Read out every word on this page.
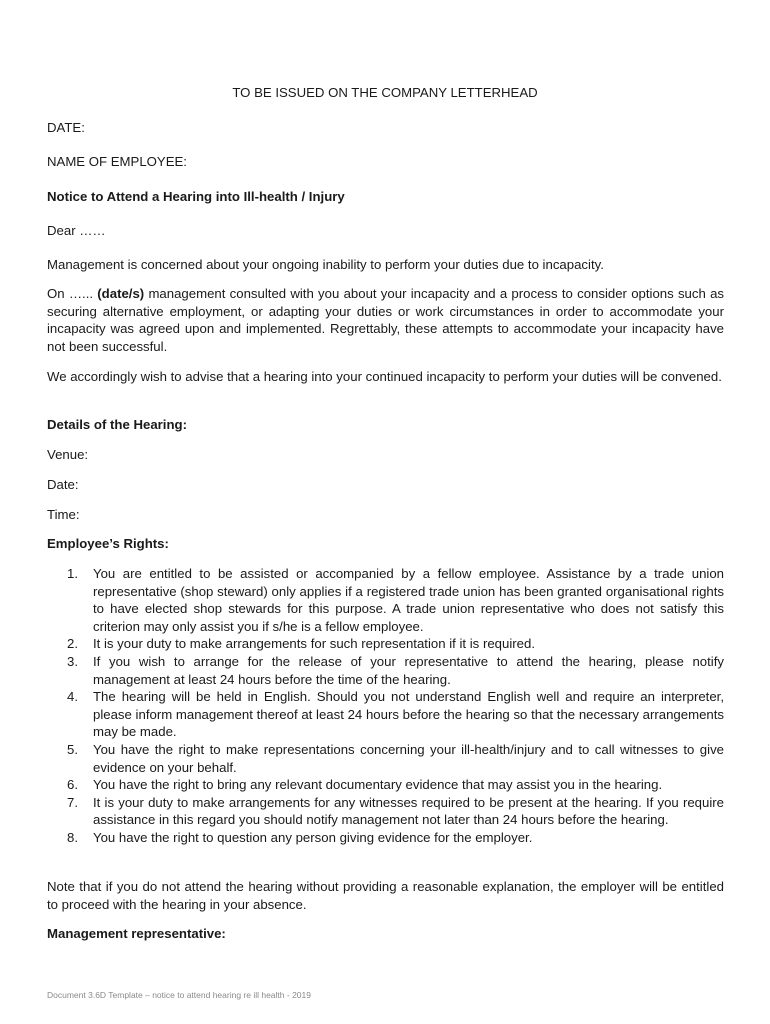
TO BE ISSUED ON THE COMPANY LETTERHEAD

DATE:

NAME OF EMPLOYEE:

Notice to Attend a Hearing into Ill-health / Injury

Dear ……

Management is concerned about your ongoing inability to perform your duties due to incapacity.

On …... (date/s) management consulted with you about your incapacity and a process to consider options such as securing alternative employment, or adapting your duties or work circumstances in order to accommodate your incapacity was agreed upon and implemented. Regrettably, these attempts to accommodate your incapacity have not been successful.

We accordingly wish to advise that a hearing into your continued incapacity to perform your duties will be convened.

Details of the Hearing:

Venue:

Date:

Time:

Employee’s Rights:

1. You are entitled to be assisted or accompanied by a fellow employee. Assistance by a trade union representative (shop steward) only applies if a registered trade union has been granted organisational rights to have elected shop stewards for this purpose. A trade union representative who does not satisfy this criterion may only assist you if s/he is a fellow employee.
2. It is your duty to make arrangements for such representation if it is required.
3. If you wish to arrange for the release of your representative to attend the hearing, please notify management at least 24 hours before the time of the hearing.
4. The hearing will be held in English. Should you not understand English well and require an interpreter, please inform management thereof at least 24 hours before the hearing so that the necessary arrangements may be made.
5. You have the right to make representations concerning your ill-health/injury and to call witnesses to give evidence on your behalf.
6. You have the right to bring any relevant documentary evidence that may assist you in the hearing.
7. It is your duty to make arrangements for any witnesses required to be present at the hearing. If you require assistance in this regard you should notify management not later than 24 hours before the hearing.
8. You have the right to question any person giving evidence for the employer.

Note that if you do not attend the hearing without providing a reasonable explanation, the employer will be entitled to proceed with the hearing in your absence.

Management representative:

Document 3.6D Template – notice to attend hearing re ill health - 2019
